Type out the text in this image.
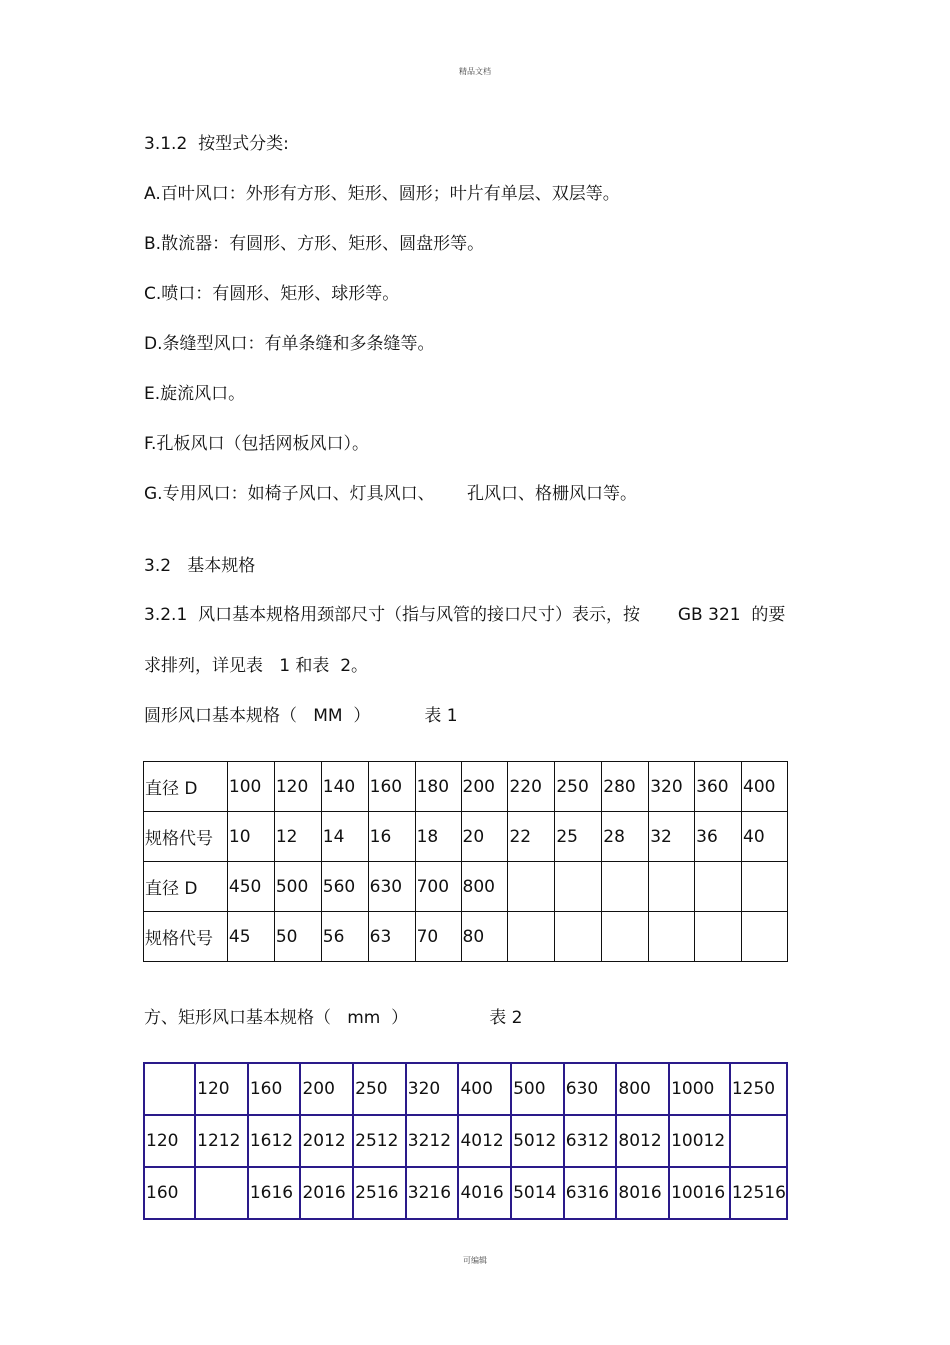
精品文档
3.1.2  按型式分类:
A.百叶风口：外形有方形、矩形、圆形；叶片有单层、双层等。
B.散流器：有圆形、方形、矩形、圆盘形等。
C.喷口：有圆形、矩形、球形等。
D.条缝型风口：有单条缝和多条缝等。
E.旋流风口。
F.孔板风口（包括网板风口）。
G.专用风口：如椅子风口、灯具风口、      孔风口、格栅风口等。
3.2   基本规格
3.2.1  风口基本规格用颈部尺寸（指与风管的接口尺寸）表示，按       GB 321  的要
求排列，详见表   1 和表  2。
圆形风口基本规格（   MM  ）          表 1
直径 D	100	120	140	160	180	200	220	250	280	320	360	400
规格代号	10	12	14	16	18	20	22	25	28	32	36	40
直径 D	450	500	560	630	700	800						
规格代号	45	50	56	63	70	80						
方、矩形风口基本规格（   mm  ）               表 2
	120	160	200	250	320	400	500	630	800	1000	1250
120	1212	1612	2012	2512	3212	4012	5012	6312	8012	10012	
160		1616	2016	2516	3216	4016	5014	6316	8016	10016	12516
可编辑
